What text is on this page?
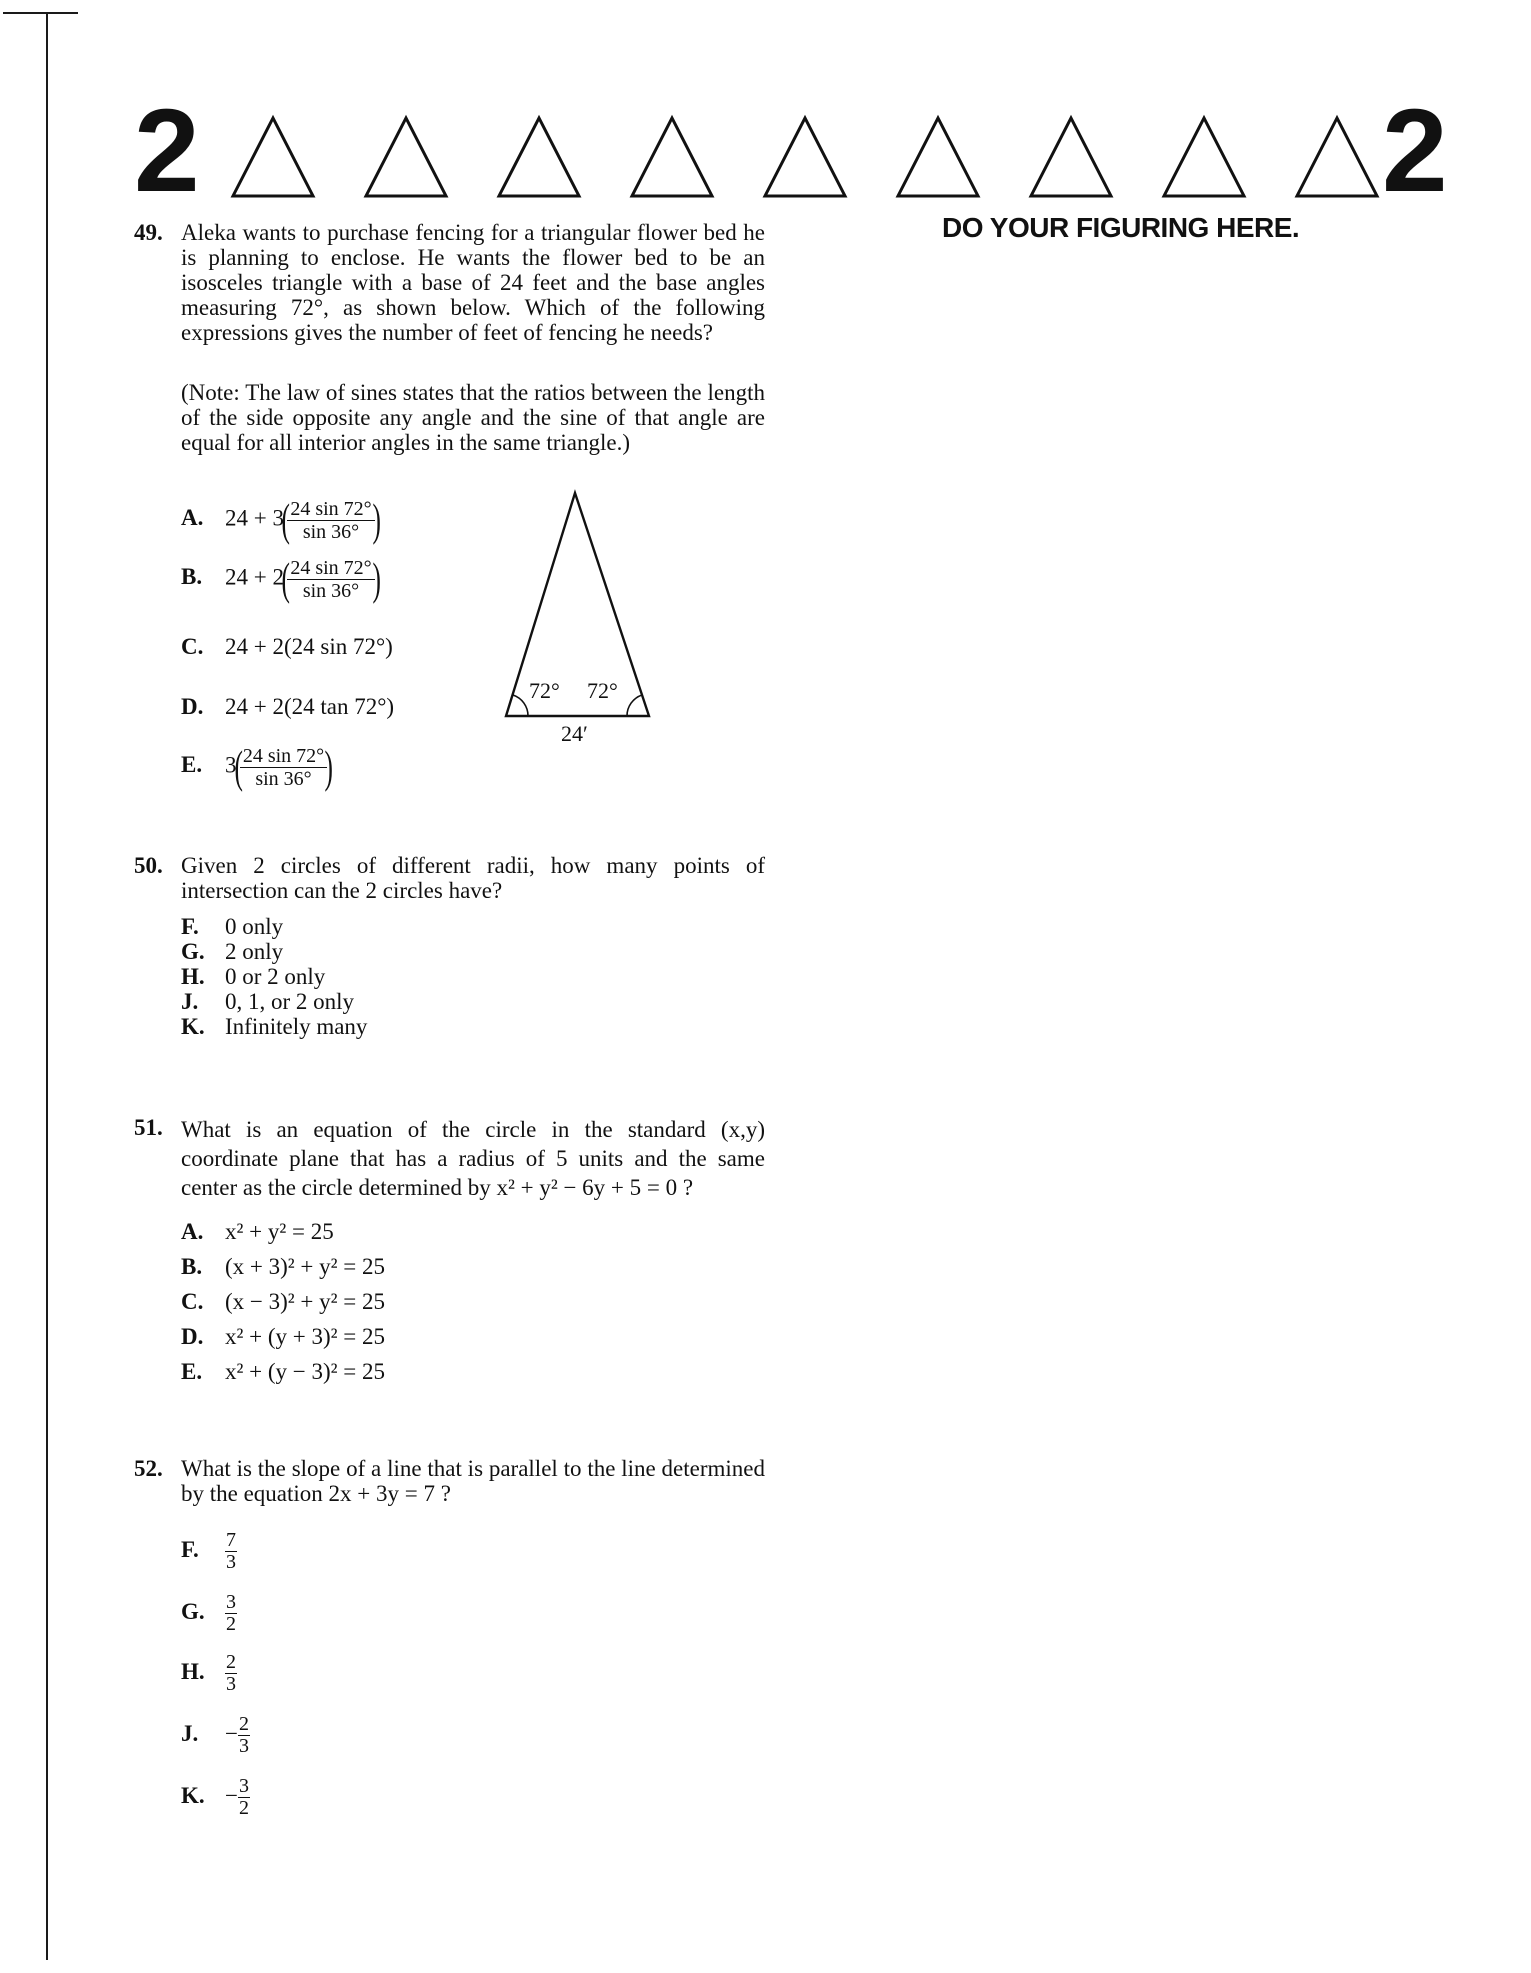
2	2
DO YOUR FIGURING HERE.
49. Aleka wants to purchase fencing for a triangular flower bed he is planning to enclose. He wants the flower bed to be an isosceles triangle with a base of 24 feet and the base angles measuring 72°, as shown below. Which of the following expressions gives the number of feet of fencing he needs?
(Note: The law of sines states that the ratios between the length of the side opposite any angle and the sine of that angle are equal for all interior angles in the same triangle.)
A. 24 + 3(
$\frac{24 \sin 72^\circ}{\sin 36^\circ}$
)
B. 24 + 2(
$\frac{24 \sin 72^\circ}{\sin 36^\circ}$
)
C. 24 + 2(24 sin 72°)
D. 24 + 2(24 tan 72°)
E. 3(
$\frac{24 \sin 72^\circ}{\sin 36^\circ}$
)
72° 72°
24′
50. Given 2 circles of different radii, how many points of intersection can the 2 circles have?
F. 0 only
G. 2 only
H. 0 or 2 only
J. 0, 1, or 2 only
K. Infinitely many
51. What is an equation of the circle in the standard (x,y) coordinate plane that has a radius of 5 units and the same center as the circle determined by x² + y² − 6y + 5 = 0 ?
A. x² + y² = 25
B. (x + 3)² + y² = 25
C. (x − 3)² + y² = 25
D. x² + (y + 3)² = 25
E. x² + (y − 3)² = 25
52. What is the slope of a line that is parallel to the line determined by the equation 2x + 3y = 7 ?
F. $\frac{7}{3}$
G. $\frac{3}{2}$
H. $\frac{2}{3}$
J. − $\frac{2}{3}$
K. − $\frac{3}{2}$
